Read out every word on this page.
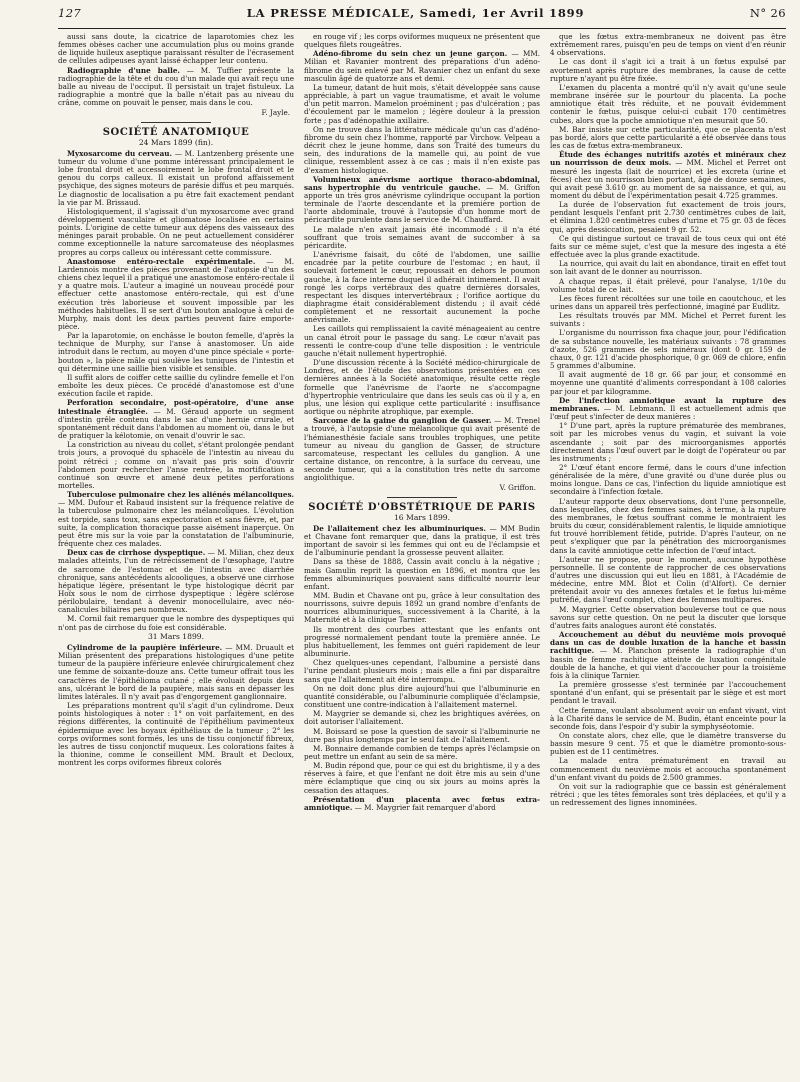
127	LA PRESSE MÉDICALE, Samedi, 1er Avril 1899	N° 26

aussi sans doute, la cicatrice de laparotomies chez les femmes obèses cacher une accumulation plus ou moins grande de liquide huileux aseptique paraissant résulter de l'écrasement de cellules adipeuses ayant laissé échapper leur contenu.

Radiographie d'une balle. — M. Tuffier présente la radiographie de la tête et du cou d'un malade qui avait reçu une balle au niveau de l'occiput. Il persistait un trajet fistuleux. La radiographie a montré que la balle n'était pas au niveau du crâne, comme on pouvait le penser, mais dans le cou.

F. Jayle.

SOCIÉTÉ ANATOMIQUE

24 Mars 1899 (fin).

Myxosarcome du cerveau. — M. Lantzenberg présente une tumeur du volume d'une pomme intéressant principalement le lobe frontal droit et accessoirement le lobe frontal droit et le genou du corps calleux. Il existait un profond affaissement psychique, des signes moteurs de parésie diffus et peu marqués. Le diagnostic de localisation a pu être fait exactement pendant la vie par M. Brissaud.

Histologiquement, il s'agissait d'un myxosarcome avec grand développement vasculaire et gliomatose localisée en certains points. L'origine de cette tumeur aux dépens des vaisseaux des méninges parait probable. On ne peut actuellement considérer comme exceptionnelle la nature sarcomateuse des néoplasmes propres au corps calleux ou intéressant cette commissure.

Anastomose entéro-rectale expérimentale. — M. Lardennois montre des pièces provenant de l'autopsie d'un des chiens chez lequel il a pratiqué une anastomose entéro-rectale il y a quatre mois. L'auteur a imaginé un nouveau procédé pour effectuer cette anastomose entéro-rectale, qui est d'une exécution très laborieuse et souvent impossible par les méthodes habituelles. Il se sert d'un bouton analogue à celui de Murphy, mais dont les deux parties peuvent faire emporte-pièce.

Par la laparotomie, on enchâsse le bouton femelle, d'après la technique de Murphy, sur l'anse à anastomoser. Un aide introduit dans le rectum, au moyen d'une pince spéciale « porte-bouton », la pièce mâle qui soulève les tuniques de l'intestin et qui détermine une saillie bien visible et sensible.

Il suffit alors de coiffer cette saillie du cylindre femelle et l'on emboîte les deux pièces. Ce procédé d'anastomose est d'une exécution facile et rapide.

Perforation secondaire, post-opératoire, d'une anse intestinale étranglée. — M. Géraud apporte un segment d'intestin grêle contenu dans le sac d'une hernie crurale, et spontanément réduit dans l'abdomen au moment où, dans le but de pratiquer la kélotomie, on venait d'ouvrir le sac.

La constriction au niveau du collet, s'étant prolongée pendant trois jours, a provoqué du sphacèle de l'intestin au niveau du point rétréci ; comme on n'avait pas pris soin d'ouvrir l'abdomen pour rechercher l'anse rentrée, la mortification a continué son œuvre et amené deux petites perforations mortelles.

Tuberculose pulmonaire chez les aliénés mélancoliques. — MM. Dufour et Rabaud insistent sur la fréquence relative de la tuberculose pulmonaire chez les mélancoliques. L'évolution est torpide, sans toux, sans expectoration et sans fièvre, et, par suite, la complication thoracique passe aisément inaperçue. On peut être mis sur la voie par la constatation de l'albuminurie, fréquente chez ces malades.

Deux cas de cirrhose dyspeptique. — M. Milian, chez deux malades atteints, l'un de rétrécissement de l'œsophage, l'autre de sarcome de l'estomac et de l'intestin avec diarrhée chronique, sans antécédents alcooliques, a observé une cirrhose hépatique légère, présentant le type histologique décrit par Hoïx sous le nom de cirrhose dyspeptique : légère sclérose périlobulaire, tendant à devenir monocellulaire, avec néo-canalicules biliaires peu nombreux.

M. Cornil fait remarquer que le nombre des dyspeptiques qui n'ont pas de cirrhose du foie est considérable.

31 Mars 1899.

Cylindrome de la paupière inférieure. — MM. Druault et Milian présentent des préparations histologiques d'une petite tumeur de la paupière inférieure enlevée chirurgicalement chez une femme de soixante-douze ans. Cette tumeur offrait tous les caractères de l'épithélioma cutané ; elle évoluait depuis deux ans, ulcérant le bord de la paupière, mais sans en dépasser les limites latérales. Il n'y avait pas d'engorgement ganglionnaire.

Les préparations montrent qu'il s'agit d'un cylindrome. Deux points histologiques à noter : 1° on voit parfaitement, en des régions différentes, la continuité de l'épithélium pavimenteux épidermique avec les boyaux épithéliaux de la tumeur ; 2° les corps oviformes sont formés, les uns de tissu conjonctif fibreux, les autres de tissu conjonctif muqueux. Les colorations faites à la thionine, comme le conseillent MM. Brault et Decloux, montrent les corps oviformes fibreux colorés

en rouge vif ; les corps oviformes muqueux ne présentent que quelques filets rougeâtres.

Adéno-fibrome du sein chez un jeune garçon. — MM. Milian et Ravanier montrent des préparations d'un adéno-fibrome du sein enlevé par M. Ravanier chez un enfant du sexe masculin âgé de quatorze ans et demi.

La tumeur, datant de huit mois, s'était développée sans cause appréciable, à part un vague traumatisme, et avait le volume d'un petit marron. Mamelon proéminent ; pas d'ulcération ; pas d'écoulement par le mamelon ; légère douleur à la pression forte ; pas d'adénopathie axillaire.

On ne trouve dans la littérature médicale qu'un cas d'adéno-fibrome du sein chez l'homme, rapporté par Virchow. Velpeau a décrit chez le jeune homme, dans son Traité des tumeurs du sein, des indurations de la mamelle qui, au point de vue clinique, ressemblent assez à ce cas ; mais il n'en existe pas d'examen histologique.

Volumineux anévrisme aortique thoraco-abdominal, sans hypertrophie du ventricule gauche. — M. Griffon apporte un très gros anévrisme cylindrique occupant la portion terminale de l'aorte descendante et la première portion de l'aorte abdominale, trouvé à l'autopsie d'un homme mort de péricardite purulente dans le service de M. Chauffard.

Le malade n'en avait jamais été incommodé : il n'a été souffrant que trois semaines avant de succomber à sa péricardite.

L'anévrisme faisait, du côté de l'abdomen, une saillie encadrée par la petite courbure de l'estomac ; en haut, il soulevait fortement le cœur, repoussait en dehors le poumon gauche, à la face interne duquel il adhérait intimement. Il avait rongé les corps vertébraux des quatre dernières dorsales, respectant les disques intervertébraux ; l'orifice aortique du diaphragme était considérablement distendu ; il avait cédé complètement et ne ressortait aucunement la poche anévrismale.

Les caillots qui remplissaient la cavité ménageaient au centre un canal étroit pour le passage du sang. Le cœur n'avait pas ressenti le contre-coup d'une telle disposition : le ventricule gauche n'était nullement hypertrophié.

D'une discussion récente à la Société médico-chirurgicale de Londres, et de l'étude des observations présentées en ces dernières années à la Société anatomique, résulte cette règle formelle que l'anévrisme de l'aorte ne s'accompagne d'hypertrophie ventriculaire que dans les seuls cas où il y a, en plus, une lésion qui explique cette particularité : insuffisance aortique ou néphrite atrophique, par exemple.

Sarcome de la gaine du ganglion de Gasser. — M. Trenel a trouvé, à l'autopsie d'une mélancolique qui avait présenté de l'hémianesthésie faciale sans troubles trophiques, une petite tumeur au niveau du ganglion de Gasser, de structure sarcomateuse, respectant les cellules du ganglion. A une certaine distance, on rencontre, à la surface du cerveau, une seconde tumeur, qui a la constitution très nette du sarcome angiolithique.

V. Griffon.

SOCIÉTÉ D'OBSTÉTRIQUE DE PARIS

16 Mars 1899.

De l'allaitement chez les albuminuriques. — MM Budin et Chavane font remarquer que, dans la pratique, il est très important de savoir si les femmes qui ont eu de l'éclampsie et de l'albuminurie pendant la grossesse peuvent allaiter.

Dans sa thèse de 1888, Cassin avait conclu à la négative ; mais Gamulin reprit la question en 1896, et montra que les femmes albuminuriques pouvaient sans difficulté nourrir leur enfant.

MM. Budin et Chavane ont pu, grâce à leur consultation des nourrissons, suivre depuis 1892 un grand nombre d'enfants de nourrices albuminuriques, successivement à la Charité, à la Maternité et à la clinique Tarnier.

Ils montrent des courbes attestant que les enfants ont progressé normalement pendant toute la première année. Le plus habituellement, les femmes ont guéri rapidement de leur albuminurie.

Chez quelques-unes cependant, l'albumine a persisté dans l'urine pendant plusieurs mois ; mais elle a fini par disparaître sans que l'allaitement ait été interrompu.

On ne doit donc plus dire aujourd'hui que l'albuminurie en quantité considérable, ou l'albuminurie compliquée d'éclampsie, constituent une contre-indication à l'allaitement maternel.

M. Maygrier se demande si, chez les brightiques avérées, on doit autoriser l'allaitement.

M. Boissard se pose la question de savoir si l'albuminurie ne dure pas plus longtemps par le seul fait de l'allaitement.

M. Bonnaire demande combien de temps après l'éclampsie on peut mettre un enfant au sein de sa mère.

M. Budin répond que, pour ce qui est du brightisme, il y a des réserves à faire, et que l'enfant ne doit être mis au sein d'une mère éclamptique que cinq ou six jours au moins après la cessation des attaques.

Présentation d'un placenta avec fœtus extra-amniotique. — M. Maygrier fait remarquer d'abord

que les fœtus extra-membraneux ne doivent pas être extrêmement rares, puisqu'en peu de temps on vient d'en réunir 4 observations.

Le cas dont il s'agit ici a trait à un fœtus expulsé par avortement après rupture des membranes, la cause de cette rupture n'ayant pu être fixée.

L'examen du placenta a montré qu'il n'y avait qu'une seule membrane insérée sur le pourtour du placenta. La poche amniotique était très réduite, et ne pouvait évidemment contenir le fœtus, puisque celui-ci cubait 170 centimètres cubes, alors que la poche amniotique n'en mesurait que 50.

M. Bar insiste sur cette particularité, que ce placenta n'est pas bordé, alors que cette particularité a été observée dans tous les cas de fœtus extra-membraneux.

Étude des échanges nutritifs azotés et minéraux chez un nourrisson de deux mois. — MM. Michel et Perret ont mesuré les ingesta (lait de nourrice) et les excreta (urine et fèces) chez un nourrisson bien portant, âgé de douze semaines, qui avait pesé 3.610 gr. au moment de sa naissance, et qui, au moment du début de l'expérimentation pesait 4.725 grammes.

La durée de l'observation fut exactement de trois jours, pendant lesquels l'enfant prit 2.730 centimètres cubes de lait, et élimina 1.820 centimètres cubes d'urine et 75 gr. 03 de fèces qui, après dessiccation, pesaient 9 gr. 52.

Ce qui distingue surtout ce travail de tous ceux qui ont été faits sur ce même sujet, c'est que la mesure des ingesta a été effectuée avec la plus grande exactitude.

La nourrice, qui avait du lait en abondance, tirait en effet tout son lait avant de le donner au nourrisson.

A chaque repas, il était prélevé, pour l'analyse, 1/10e du volume total de ce lait.

Les fèces furent récoltées sur une toile en caoutchouc, et les urines dans un appareil très perfectionné, imaginé par Eudlitz.

Les résultats trouvés par MM. Michel et Perret furent les suivants :

L'organisme du nourrisson fixa chaque jour, pour l'édification de sa substance nouvelle, les matériaux suivants : 78 grammes d'azote, 526 grammes de sels minéraux (dont 0 gr. 159 de chaux, 0 gr. 121 d'acide phosphorique, 0 gr. 069 de chlore, enfin 5 grammes d'albumine.

Il avait augmenté de 18 gr. 66 par jour, et consommé en moyenne une quantité d'aliments correspondant à 108 calories par jour et par kilogramme.

De l'infection amniotique avant la rupture des membranes. — M. Lebmann. Il est actuellement admis que l'œuf peut s'infecter de deux manières :

1° D'une part, après la rupture prématurée des membranes, soit par les microbes venus du vagin, et suivant la voie ascendante ; soit par des microorganismes apportés directement dans l'œuf ouvert par le doigt de l'opérateur ou par les instruments ;

2° L'œuf étant encore fermé, dans le cours d'une infection généralisée de la mère, d'une gravité ou d'une durée plus ou moins longue. Dans ce cas, l'infection du liquide amniotique est secondaire à l'infection fœtale.

L'auteur rapporte deux observations, dont l'une personnelle, dans lesquelles, chez des femmes saines, à terme, à la rupture des membranes, le fœtus souffrant comme le montraient les bruits du cœur, considérablement ralentis, le liquide amniotique fut trouvé horriblement fétide, putride. D'après l'auteur, on ne peut s'expliquer que par la pénétration des microorganismes dans la cavité amniotique cette infection de l'œuf intact.

L'auteur ne propose, pour le moment, aucune hypothèse personnelle. Il se contente de rapprocher de ces observations d'autres une discussion qui eut lieu en 1881, à l'Académie de médecine, entre MM. Blot et Colin (d'Alfort). Ce dernier prétendait avoir vu des annexes fœtales et le fœtus lui-même putréfié, dans l'œuf complet, chez des femmes multipares.

M. Maygrier. Cette observation bouleverse tout ce que nous savons sur cette question. On ne peut la discuter que lorsque d'autres faits analogues auront été constatés.

Accouchement au début du neuvième mois provoqué dans un cas de double luxation de la hanche et bassin rachitique. — M. Planchon présente la radiographie d'un bassin de femme rachitique atteinte de luxation congénitale double de la hanche, et qui vient d'accoucher pour la troisième fois à la clinique Tarnier.

La première grossesse s'est terminée par l'accouchement spontané d'un enfant, qui se présentait par le siège et est mort pendant le travail.

Cette femme, voulant absolument avoir un enfant vivant, vint à la Charité dans le service de M. Budin, étant enceinte pour la seconde fois, dans l'espoir d'y subir la symphyséotomie.

On constate alors, chez elle, que le diamètre transverse du bassin mesure 9 cent. 75 et que le diamètre promonto-sous-pubien est de 11 centimètres.

La malade entra prématurément en travail au commencement du neuvième mois et accoucha spontanément d'un enfant vivant du poids de 2.500 grammes.

On voit sur la radiographie que ce bassin est généralement rétréci ; que les têtes fémorales sont très déplacées, et qu'il y a un redressement des lignes innominées.
